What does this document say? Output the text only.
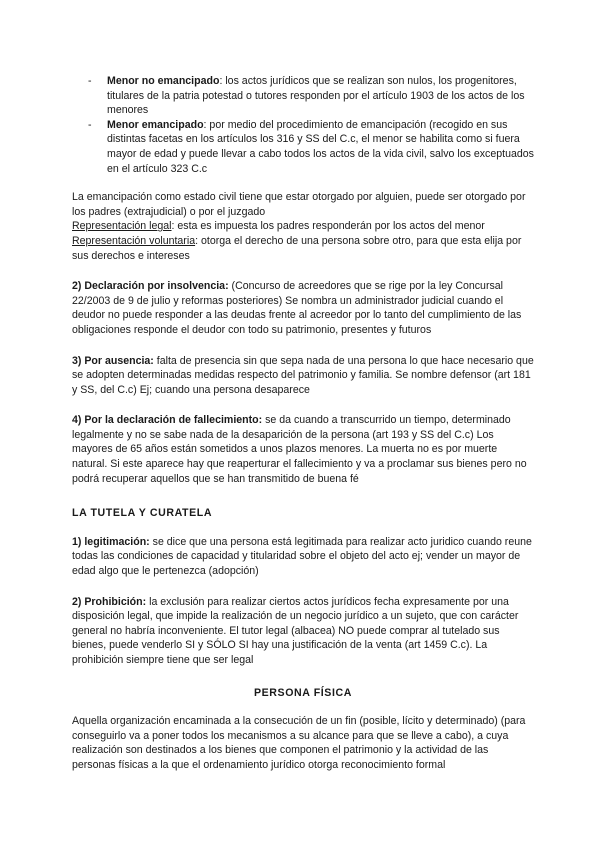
- Menor no emancipado: los actos jurídicos que se realizan son nulos, los progenitores, titulares de la patria potestad o tutores responden por el artículo 1903 de los actos de los menores
- Menor emancipado: por medio del procedimiento de emancipación (recogido en sus distintas facetas en los artículos los 316 y SS del C.c, el menor se habilita como si fuera mayor de edad y puede llevar a cabo todos los actos de la vida civil, salvo los exceptuados en el artículo 323 C.c

La emancipación como estado civil tiene que estar otorgado por alguien, puede ser otorgado por los padres (extrajudicial) o por el juzgado

Representación legal: esta es impuesta los padres responderán por los actos del menor

Representación voluntaria: otorga el derecho de una persona sobre otro, para que esta elija por sus derechos e intereses

2) Declaración por insolvencia: (Concurso de acreedores que se rige por la ley Concursal 22/2003 de 9 de julio y reformas posteriores) Se nombra un administrador judicial cuando el deudor no puede responder a las deudas frente al acreedor por lo tanto del cumplimiento de las obligaciones responde el deudor con todo su patrimonio, presentes y futuros

3) Por ausencia: falta de presencia sin que sepa nada de una persona lo que hace necesario que se adopten determinadas medidas respecto del patrimonio y familia. Se nombre defensor (art 181 y SS, del C.c) Ej; cuando una persona desaparece

4) Por la declaración de fallecimiento: se da cuando a transcurrido un tiempo, determinado legalmente y no se sabe nada de la desaparición de la persona (art 193 y SS del C.c) Los mayores de 65 años están sometidos a unos plazos menores. La muerta no es por muerte natural. Si este aparece hay que reaperturar el fallecimiento y va a proclamar sus bienes pero no podrá recuperar aquellos que se han transmitido de buena fé

LA TUTELA Y CURATELA

1) legitimación: se dice que una persona está legitimada para realizar acto juridico cuando reune todas las condiciones de capacidad y titularidad sobre el objeto del acto ej; vender un mayor de edad algo que le pertenezca (adopción)

2) Prohibición: la exclusión para realizar ciertos actos jurídicos fecha expresamente por una disposición legal, que impide la realización de un negocio jurídico a un sujeto, que con carácter general no habría inconveniente. El tutor legal (albacea) NO puede comprar al tutelado sus bienes, puede venderlo SI y SÓLO SI hay una justificación de la venta (art 1459 C.c). La prohibición siempre tiene que ser legal

PERSONA FÍSICA

Aquella organización encaminada a la consecución de un fin (posible, lícito y determinado) (para conseguirlo va a poner todos los mecanismos a su alcance para que se lleve a cabo), a cuya realización son destinados a los bienes que componen el patrimonio y la actividad de las personas físicas a la que el ordenamiento jurídico otorga reconocimiento formal
